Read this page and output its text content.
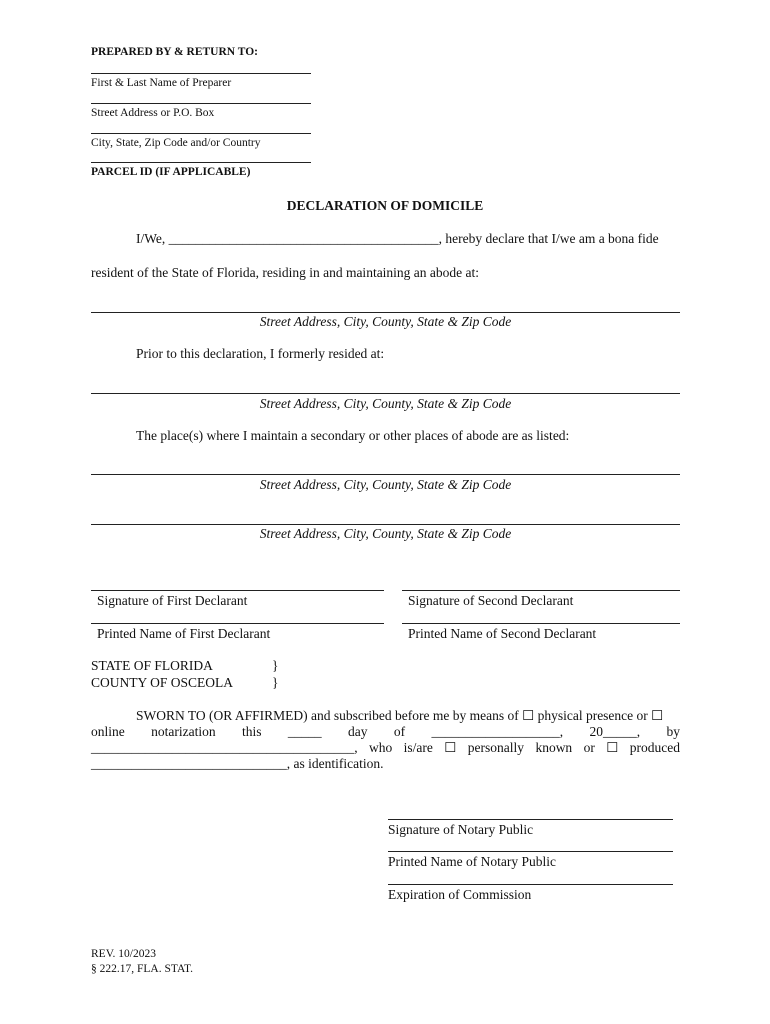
PREPARED BY & RETURN TO:
First & Last Name of Preparer
Street Address or P.O. Box
City, State, Zip Code and/or Country
PARCEL ID (IF APPLICABLE)
DECLARATION OF DOMICILE
I/We, ________________________________________, hereby declare that I/we am a bona fide
resident of the State of Florida, residing in and maintaining an abode at:
Street Address, City, County, State & Zip Code
Prior to this declaration, I formerly resided at:
Street Address, City, County, State & Zip Code
The place(s) where I maintain a secondary or other places of abode are as listed:
Street Address, City, County, State & Zip Code
Street Address, City, County, State & Zip Code
Signature of First Declarant	Signature of Second Declarant
Printed Name of First Declarant	Printed Name of Second Declarant
STATE OF FLORIDA	}
COUNTY OF OSCEOLA	}
SWORN TO (OR AFFIRMED) and subscribed before me by means of ☐ physical presence or ☐
online notarization this _____ day of ___________________, 20_____, by
_______________________________________, who is/are ☐ personally known or ☐ produced
_____________________________, as identification.
Signature of Notary Public
Printed Name of Notary Public
Expiration of Commission
REV. 10/2023
§ 222.17, FLA. STAT.
